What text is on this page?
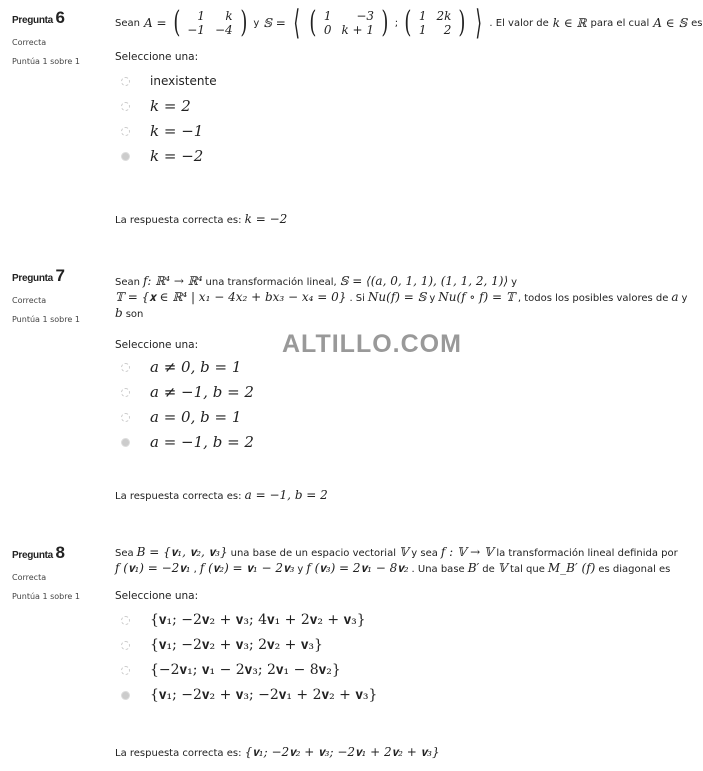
Pregunta 6
Correcta
Puntúa 1 sobre 1
Sean A = ( 1	k
−1	−4 ) y 𝕊 = ⟨ ( 1	−3
0	k + 1 ) ; ( 1	2k
1	2 ) ⟩ . El valor de k ∈ ℝ para el cual A ∈ 𝕊 es
Seleccione una:
inexistente
k = 2
k = −1
k = −2
La respuesta correcta es: k = −2
Pregunta 7
Correcta
Puntúa 1 sobre 1
Sean f: ℝ⁴ → ℝ⁴ una transformación lineal, 𝕊 = ⟨(a, 0, 1, 1), (1, 1, 2, 1)⟩ y
𝕋 = {𝐱 ∈ ℝ⁴ | x₁ − 4x₂ + bx₃ − x₄ = 0} . Si Nu(f) = 𝕊 y Nu(f ∘ f) = 𝕋 , todos los posibles valores de a y
b son
Seleccione una:
a ≠ 0, b = 1
a ≠ −1, b = 2
a = 0, b = 1
a = −1, b = 2
La respuesta correcta es: a = −1, b = 2
Pregunta 8
Correcta
Puntúa 1 sobre 1
Sea B = {𝐯₁, 𝐯₂, 𝐯₃} una base de un espacio vectorial 𝕍 y sea f : 𝕍 → 𝕍 la transformación lineal definida por
f (𝐯₁) = −2𝐯₁ , f (𝐯₂) = 𝐯₁ − 2𝐯₃ y f (𝐯₃) = 2𝐯₁ − 8𝐯₂ . Una base B′ de 𝕍 tal que M_B′ (f) es diagonal es
Seleccione una:
{𝐯₁; −2𝐯₂ + 𝐯₃; 4𝐯₁ + 2𝐯₂ + 𝐯₃}
{𝐯₁; −2𝐯₂ + 𝐯₃; 2𝐯₂ + 𝐯₃}
{−2𝐯₁; 𝐯₁ − 2𝐯₃; 2𝐯₁ − 8𝐯₂}
{𝐯₁; −2𝐯₂ + 𝐯₃; −2𝐯₁ + 2𝐯₂ + 𝐯₃}
La respuesta correcta es: {𝐯₁; −2𝐯₂ + 𝐯₃; −2𝐯₁ + 2𝐯₂ + 𝐯₃}
ALTILLO.COM
